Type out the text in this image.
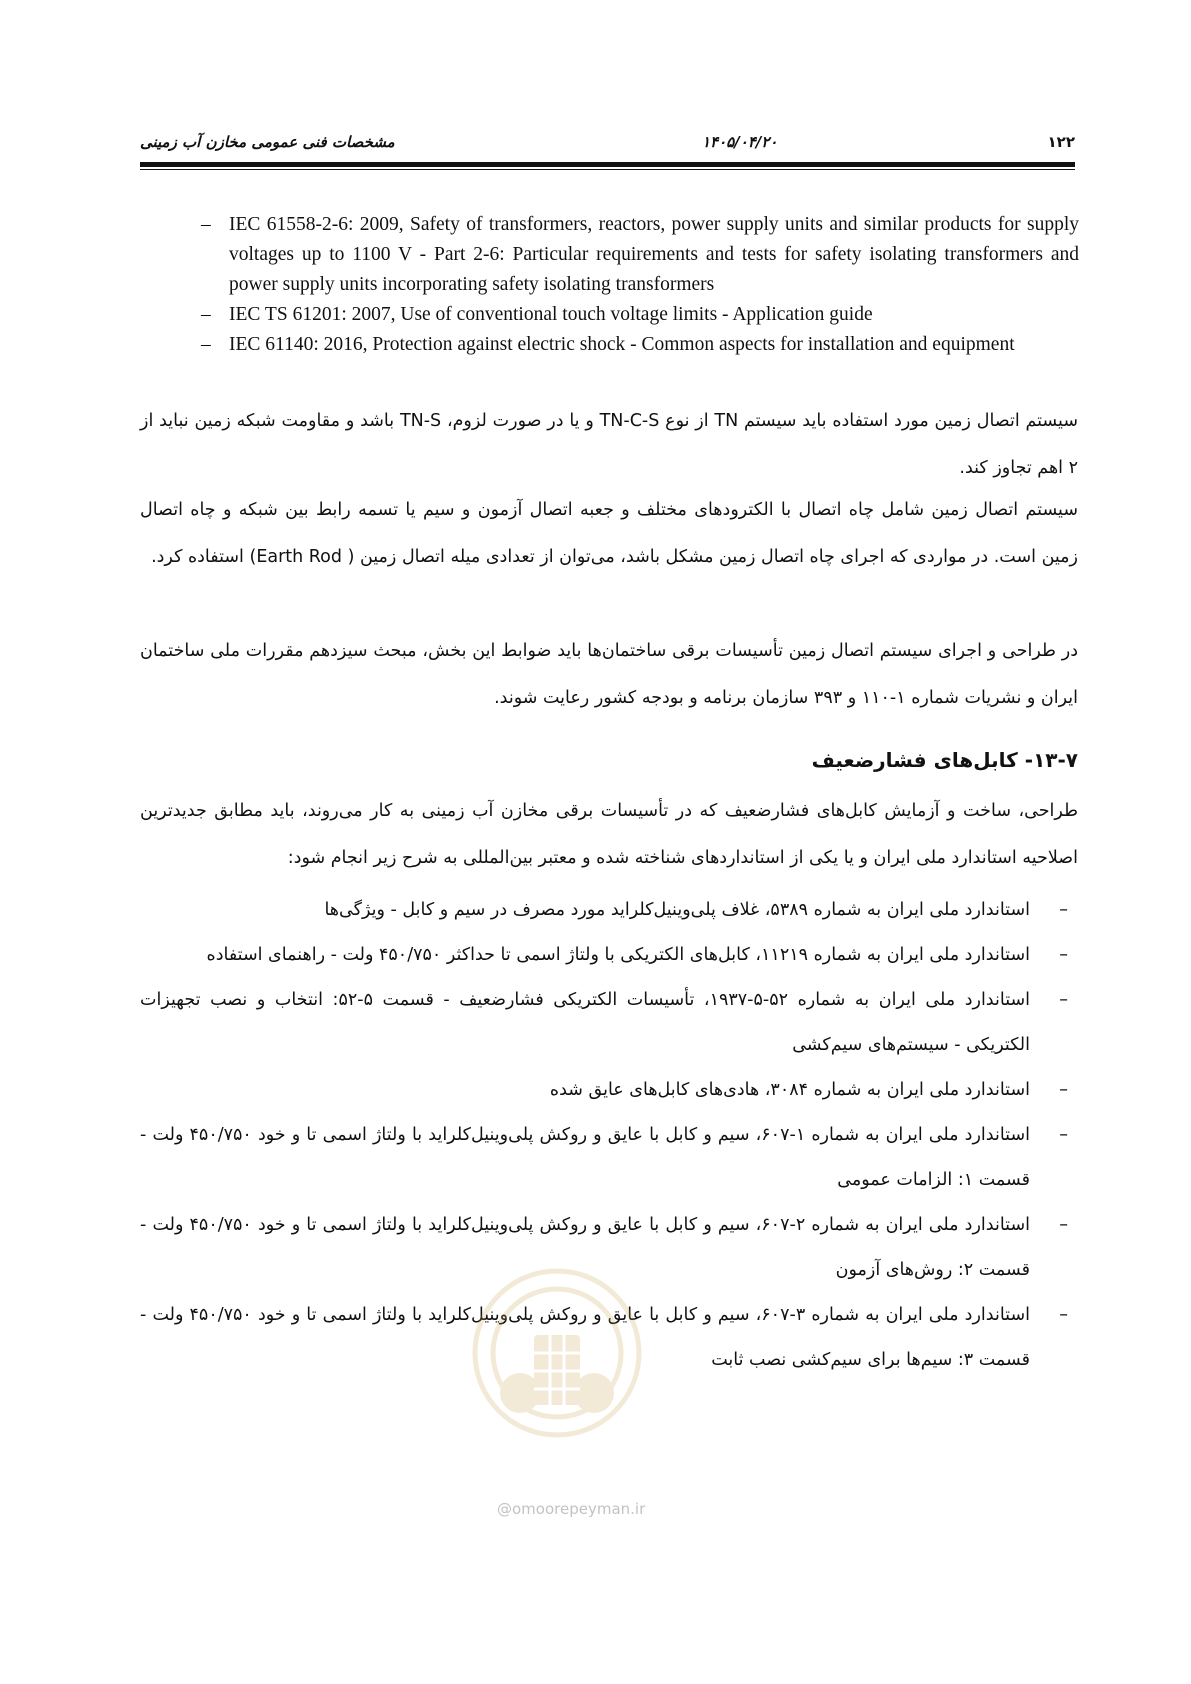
مشخصات فنی عمومی مخازن آب زمینی	۱۴۰۵/۰۴/۲۰	۱۲۲

– IEC 61558-2-6: 2009, Safety of transformers, reactors, power supply units and similar products for supply voltages up to 1100 V - Part 2-6: Particular requirements and tests for safety isolating transformers and power supply units incorporating safety isolating transformers

– IEC TS 61201: 2007, Use of conventional touch voltage limits - Application guide

– IEC 61140: 2016, Protection against electric shock - Common aspects for installation and equipment

سیستم اتصال زمین مورد استفاده باید سیستم TN از نوع TN-C-S و یا در صورت لزوم، TN-S باشد و مقاومت شبکه زمین نباید از ۲ اهم تجاوز کند.
سیستم اتصال زمین شامل چاه اتصال با الکترودهای مختلف و جعبه اتصال آزمون و سیم یا تسمه رابط بین شبکه و چاه اتصال زمین است. در مواردی که اجرای چاه اتصال زمین مشکل باشد، می‌توان از تعدادی میله اتصال زمین ( Earth Rod) استفاده کرد.
در طراحی و اجرای سیستم اتصال زمین تأسیسات برقی ساختمان‌ها باید ضوابط این بخش، مبحث سیزدهم مقررات ملی ساختمان ایران و نشریات شماره ۱-۱۱۰ و ۳۹۳ سازمان برنامه و بودجه کشور رعایت شوند.
۱۳-۷- کابل‌های فشارضعیف
طراحی، ساخت و آزمایش کابل‌های فشارضعیف که در تأسیسات برقی مخازن آب زمینی به کار می‌روند، باید مطابق جدیدترین اصلاحیه استاندارد ملی ایران و یا یکی از استانداردهای شناخته شده و معتبر بین‌المللی به شرح زیر انجام شود:
–
استاندارد ملی ایران به شماره ۵۳۸۹، غلاف پلی‌وینیل‌کلراید مورد مصرف در سیم و کابل - ویژگی‌ها
–
استاندارد ملی ایران به شماره ۱۱۲۱۹، کابل‌های الکتریکی با ولتاژ اسمی تا حداکثر ۴۵۰/۷۵۰ ولت - راهنمای استفاده
–
استاندارد ملی ایران به شماره ۵۲-۵-۱۹۳۷، تأسیسات الکتریکی فشارضعیف - قسمت ۵-۵۲: انتخاب و نصب تجهیزات الکتریکی - سیستم‌های سیم‌کشی
–
استاندارد ملی ایران به شماره ۳۰۸۴، هادی‌های کابل‌های عایق شده
–
استاندارد ملی ایران به شماره ۱-۶۰۷، سیم و کابل با عایق و روکش پلی‌وینیل‌کلراید با ولتاژ اسمی تا و خود ۴۵۰/۷۵۰ ولت - قسمت ۱: الزامات عمومی
–
استاندارد ملی ایران به شماره ۲-۶۰۷، سیم و کابل با عایق و روکش پلی‌وینیل‌کلراید با ولتاژ اسمی تا و خود ۴۵۰/۷۵۰ ولت - قسمت ۲: روش‌های آزمون
–
استاندارد ملی ایران به شماره ۳-۶۰۷، سیم و کابل با عایق و روکش پلی‌وینیل‌کلراید با ولتاژ اسمی تا و خود ۴۵۰/۷۵۰ ولت - قسمت ۳: سیم‌ها برای سیم‌کشی نصب ثابت
@omoorepeyman.ir
